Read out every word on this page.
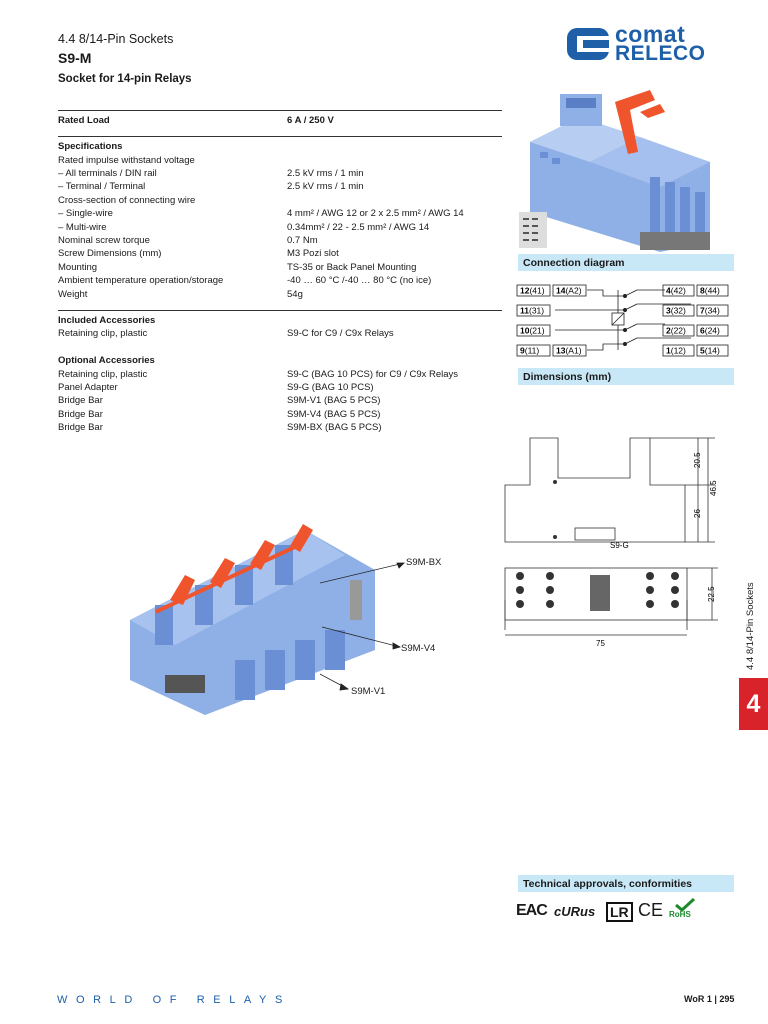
4.4 8/14-Pin Sockets
S9-M
Socket for 14-pin Relays
comat
RELECO
Rated Load	6 A / 250 V
Specifications
Rated impulse withstand voltage
– All terminals / DIN rail	2.5 kV rms / 1 min
– Terminal / Terminal	2.5 kV rms / 1 min
Cross-section of connecting wire
– Single-wire	4 mm² / AWG 12 or 2 x 2.5 mm² / AWG 14
– Multi-wire	0.34mm² / 22 - 2.5 mm² / AWG 14
Nominal screw torque	0.7 Nm
Screw Dimensions (mm)	M3 Pozi slot
Mounting	TS-35 or Back Panel Mounting
Ambient temperature operation/storage	-40 … 60 °C /-40 … 80 °C (no ice)
Weight	54g
Included Accessories
Retaining clip, plastic	S9-C for C9 / C9x Relays
Optional Accessories
Retaining clip, plastic	S9-C (BAG 10 PCS) for C9 / C9x Relays
Panel Adapter	S9-G (BAG 10 PCS)
Bridge Bar	S9M-V1 (BAG 5 PCS)
Bridge Bar	S9M-V4 (BAG 5 PCS)
Bridge Bar	S9M-BX (BAG 5 PCS)
Connection diagram
12(41) 14(A2)
11(31)
10(21)
9(11) 13(A1)
4(42) 8(44)
3(32) 7(34)
2(22) 6(24)
1(12) 5(14)
Dimensions (mm)
20.5
46.5
26
S9-G
22.5
75
S9M-BX
S9M-V4
S9M-V1
Technical approvals, conformities
EAC cURus LR CE RoHS
4.4 8/14-Pin Sockets
4
WORLD OF RELAYS	WoR 1 | 295
